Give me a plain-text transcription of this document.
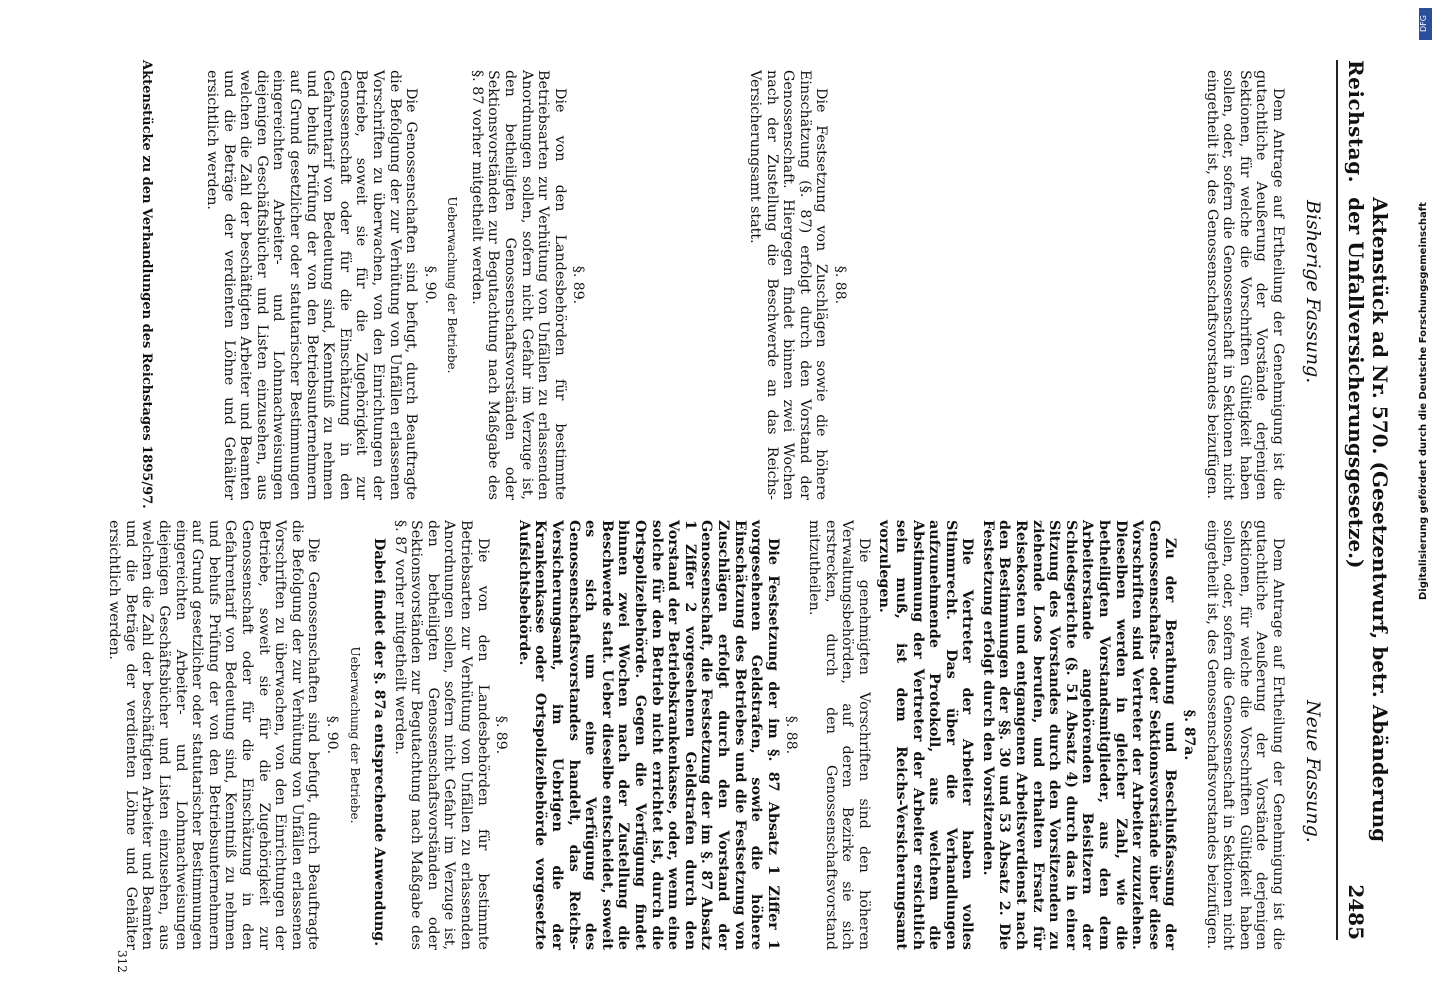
Reichstag.
Aktenstück ad Nr. 570. (Gesetzentwurf, betr. Abänderung der Unfallversicherungsgesetze.)
2485
Bisherige Fassung.
Neue Fassung.

Dem Antrage auf Ertheilung der Genehmigung ist die gutachtliche Aeußerung der Vorstände derjenigen Sektionen, für welche die Vorschriften Gültigkeit haben sollen, oder, sofern die Genossenschaft in Sektionen nicht eingetheilt ist, des Genossenschaftsvorstandes beizufügen.

§. 88.

Die Festsetzung von Zuschlägen sowie die höhere Einschätzung (§. 87) erfolgt durch den Vorstand der Genossenschaft. Hiergegen findet binnen zwei Wochen nach der Zustellung die Beschwerde an das Reichs-Versicherungsamt statt.

§. 89.

Die von den Landesbehörden für bestimmte Betriebsarten zur Verhütung von Unfällen zu erlassenden Anordnungen sollen, sofern nicht Gefahr im Verzuge ist, den betheiligten Genossenschaftsvorständen oder Sektionsvorständen zur Begutachtung nach Maßgabe des §. 87 vorher mitgetheilt werden.

Ueberwachung der Betriebe.
§. 90.

Die Genossenschaften sind befugt, durch Beauftragte die Befolgung der zur Verhütung von Unfällen erlassenen Vorschriften zu überwachen, von den Einrichtungen der Betriebe, soweit sie für die Zugehörigkeit zur Genossenschaft oder für die Einschätzung in den Gefahrentarif von Bedeutung sind, Kenntniß zu nehmen und behufs Prüfung der von den Betriebsunternehmern auf Grund gesetzlicher oder statutarischer Bestimmungen eingereichten Arbeiter- und Lohnnachweisungen diejenigen Geschäftsbücher und Listen einzusehen, aus welchen die Zahl der beschäftigten Arbeiter und Beamten und die Beträge der verdienten Löhne und Gehälter ersichtlich werden.

Dem Antrage auf Ertheilung der Genehmigung ist die gutachtliche Aeußerung der Vorstände derjenigen Sektionen, für welche die Vorschriften Gültigkeit haben sollen, oder, sofern die Genossenschaft in Sektionen nicht eingetheilt ist, des Genossenschaftsvorstandes beizufügen.

§. 87a.

Zu der Berathung und Beschlußfassung der Genossenschafts- oder Sektionsvorstände über diese Vorschriften sind Vertreter der Arbeiter zuzuziehen. Dieselben werden in gleicher Zahl, wie die betheiligten Vorstandsmitglieder, aus den dem Arbeiterstande angehörenden Beisitzern der Schiedsgerichte (§. 51 Absatz 4) durch das in einer Sitzung des Vorstandes durch den Vorsitzenden zu ziehende Loos berufen, und erhalten Ersatz für Reisekosten und entgangenen Arbeitsverdienst nach den Bestimmungen der §§. 30 und 53 Absatz 2. Die Festsetzung erfolgt durch den Vorsitzenden.

Die Vertreter der Arbeiter haben volles Stimmrecht. Das über die Verhandlungen aufzunehmende Protokoll, aus welchem die Abstimmung der Vertreter der Arbeiter ersichtlich sein muß, ist dem Reichs-Versicherungsamt vorzulegen.

Die genehmigten Vorschriften sind den höheren Verwaltungsbehörden, auf deren Bezirke sie sich erstrecken, durch den Genossenschaftsvorstand mitzutheilen.

§. 88.

Die Festsetzung der im §. 87 Absatz 1 Ziffer 1 vorgesehenen Geldstrafen, sowie die höhere Einschätzung des Betriebes und die Festsetzung von Zuschlägen erfolgt durch den Vorstand der Genossenschaft, die Festsetzung der im §. 87 Absatz 1 Ziffer 2 vorgesehenen Geldstrafen durch den Vorstand der Betriebskrankenkasse, oder, wenn eine solche für den Betrieb nicht errichtet ist, durch die Ortspolizeibehörde. Gegen die Verfügung findet binnen zwei Wochen nach der Zustellung die Beschwerde statt. Ueber dieselbe entscheidet, soweit es sich um eine Verfügung des Genossenschaftsvorstandes handelt, das Reichs-Versicherungsamt, im Uebrigen die der Krankenkasse oder Ortspolizeibehörde vorgesetzte Aufsichtsbehörde.

§. 89.

Die von den Landesbehörden für bestimmte Betriebsarten zur Verhütung von Unfällen zu erlassenden Anordnungen sollen, sofern nicht Gefahr im Verzuge ist, den betheiligten Genossenschaftsvorständen oder Sektionsvorständen zur Begutachtung nach Maßgabe des §. 87 vorher mitgetheilt werden.

Dabei findet der §. 87a entsprechende Anwendung.

Ueberwachung der Betriebe.
§. 90.

Die Genossenschaften sind befugt, durch Beauftragte die Befolgung der zur Verhütung von Unfällen erlassenen Vorschriften zu überwachen, von den Einrichtungen der Betriebe, soweit sie für die Zugehörigkeit zur Genossenschaft oder für die Einschätzung in den Gefahrentarif von Bedeutung sind, Kenntniß zu nehmen und behufs Prüfung der von den Betriebsunternehmern auf Grund gesetzlicher oder statutarischer Bestimmungen eingereichten Arbeiter- und Lohnnachweisungen diejenigen Geschäftsbücher und Listen einzusehen, aus welchen die Zahl der beschäftigten Arbeiter und Beamten und die Beträge der verdienten Löhne und Gehälter ersichtlich werden.

Aktenstücke zu den Verhandlungen des Reichstages 1895/97.
312
Digitalisierung gefördert durch die Deutsche Forschungsgemeinschaft
DFG
